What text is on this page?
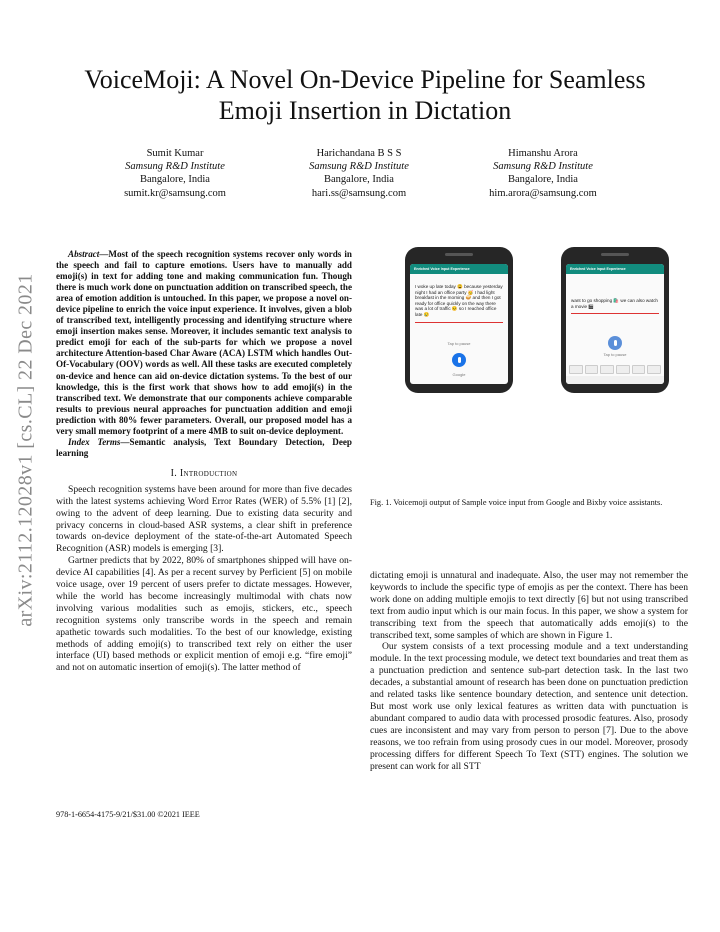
arXiv:2112.12028v1 [cs.CL] 22 Dec 2021
VoiceMoji: A Novel On-Device Pipeline for Seamless Emoji Insertion in Dictation
Sumit Kumar
Samsung R&D Institute
Bangalore, India
sumit.kr@samsung.com
Harichandana B S S
Samsung R&D Institute
Bangalore, India
hari.ss@samsung.com
Himanshu Arora
Samsung R&D Institute
Bangalore, India
him.arora@samsung.com

Abstract—Most of the speech recognition systems recover only words in the speech and fail to capture emotions. Users have to manually add emoji(s) in text for adding tone and making communication fun. Though there is much work done on punctuation addition on transcribed speech, the area of emotion addition is untouched. In this paper, we propose a novel on-device pipeline to enrich the voice input experience. It involves, given a blob of transcribed text, intelligently processing and identifying structure where emoji insertion makes sense. Moreover, it includes semantic text analysis to predict emoji for each of the sub-parts for which we propose a novel architecture Attention-based Char Aware (ACA) LSTM which handles Out-Of-Vocabulary (OOV) words as well. All these tasks are executed completely on-device and hence can aid on-device dictation systems. To the best of our knowledge, this is the first work that shows how to add emoji(s) in the transcribed text. We demonstrate that our components achieve comparable results to previous neural approaches for punctuation addition and emoji prediction with 80% fewer parameters. Overall, our proposed model has a very small memory footprint of a mere 4MB to suit on-device deployment.

Index Terms—Semantic analysis, Text Boundary Detection, Deep learning

I. Introduction

Speech recognition systems have been around for more than five decades with the latest systems achieving Word Error Rates (WER) of 5.5% [1] [2], owing to the advent of deep learning. Due to existing data security and privacy concerns in cloud-based ASR systems, a clear shift in preference towards on-device deployment of the state-of-the-art Automated Speech Recognition (ASR) models is emerging [3].

Gartner predicts that by 2022, 80% of smartphones shipped will have on-device AI capabilities [4]. As per a recent survey by Perficient [5] on mobile voice usage, over 19 percent of users prefer to dictate messages. However, while the world has become increasingly multimodal with chats now involving various modalities such as emojis, stickers, etc., speech recognition systems only transcribe words in the speech and remain apathetic towards such modalities. To the best of our knowledge, existing methods of adding emoji(s) to transcribed text rely on either the user interface (UI) based methods or explicit mention of emoji e.g. “fire emoji” and not on automatic insertion of emoji(s). The latter method of

Enriched Voice Input Experience
I woke up late today 😩 because yesterday night I had an office party 🥳 I had light breakfast in the morning 🥪 and then I got ready for office quickly on the way there was a lot of traffic 😣 so I reached office late 😢
Tap to pause
Google
Enriched Voice Input Experience
want to go shopping 🛍️ we can also watch a movie 🎬
Tap to pause
Fig. 1. Voicemoji output of Sample voice input from Google and Bixby voice assistants.

dictating emoji is unnatural and inadequate. Also, the user may not remember the keywords to include the specific type of emojis as per the context. There has been work done on adding multiple emojis to text directly [6] but not using transcribed text from audio input which is our main focus. In this paper, we show a system for transcribing text from the speech that automatically adds emoji(s) to the transcribed text, some samples of which are shown in Figure 1.

Our system consists of a text processing module and a text understanding module. In the text processing module, we detect text boundaries and treat them as a punctuation prediction and sentence sub-part detection task. In the last two decades, a substantial amount of research has been done on punctuation prediction and related tasks like sentence boundary detection, and sentence unit detection. But most work use only lexical features as written data with punctuation is abundant compared to audio data with processed prosodic features. Also, prosody cues are inconsistent and may vary from person to person [7]. Due to the above reasons, we too refrain from using prosody cues in our model. Moreover, prosody processing differs for different Speech To Text (STT) engines. The solution we present can work for all STT

978-1-6654-4175-9/21/$31.00 ©2021 IEEE
